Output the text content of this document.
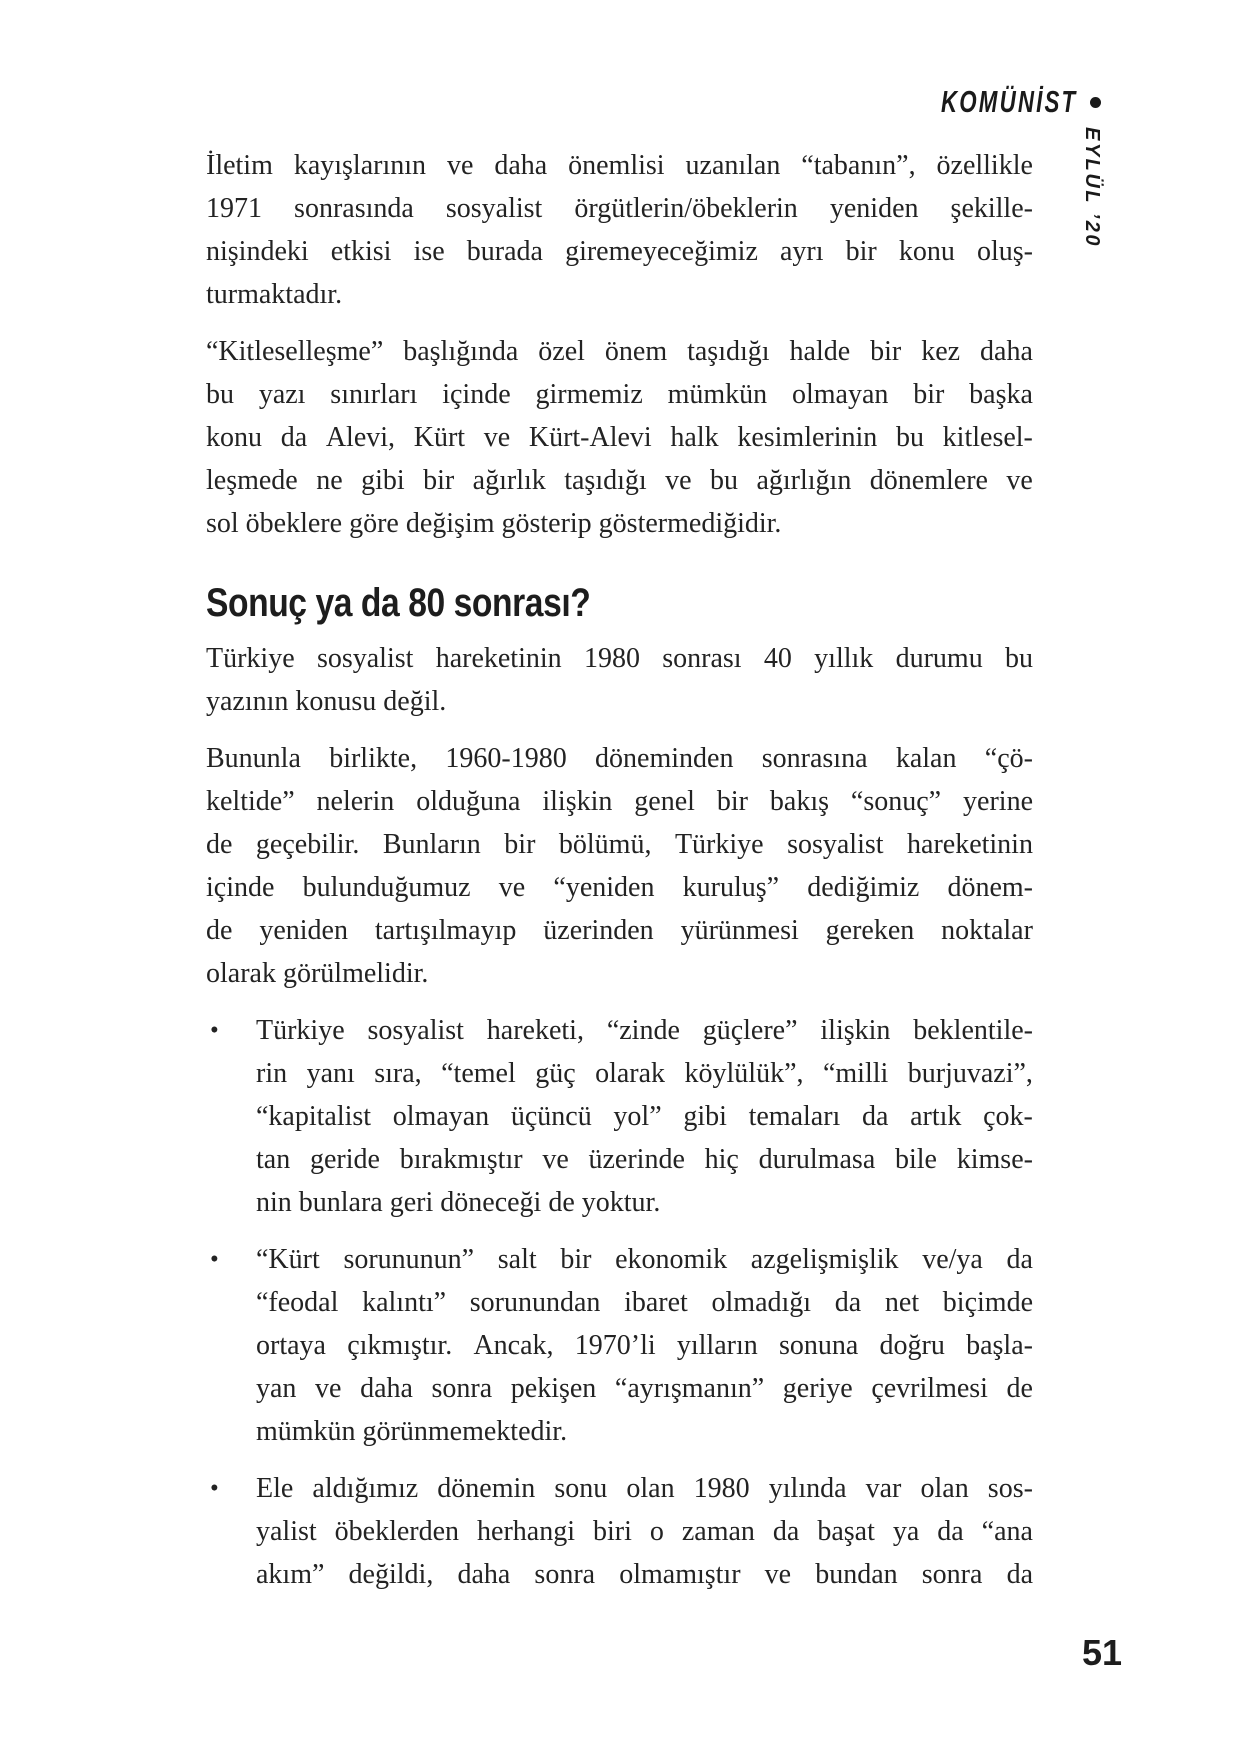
KOMÜNİST
EYLÜL ’20
İletim kayışlarının ve daha önemlisi uzanılan “tabanın”, özellikle
1971 sonrasında sosyalist örgütlerin/öbeklerin yeniden şekille-
nişindeki etkisi ise burada giremeyeceğimiz ayrı bir konu oluş-
turmaktadır.
“Kitleselleşme” başlığında özel önem taşıdığı halde bir kez daha
bu yazı sınırları içinde girmemiz mümkün olmayan bir başka
konu da Alevi, Kürt ve Kürt-Alevi halk kesimlerinin bu kitlesel-
leşmede ne gibi bir ağırlık taşıdığı ve bu ağırlığın dönemlere ve
sol öbeklere göre değişim gösterip göstermediğidir.
Sonuç ya da 80 sonrası?
Türkiye sosyalist hareketinin 1980 sonrası 40 yıllık durumu bu
yazının konusu değil.
Bununla birlikte, 1960-1980 döneminden sonrasına kalan “çö-
keltide” nelerin olduğuna ilişkin genel bir bakış “sonuç” yerine
de geçebilir. Bunların bir bölümü, Türkiye sosyalist hareketinin
içinde bulunduğumuz ve “yeniden kuruluş” dediğimiz dönem-
de yeniden tartışılmayıp üzerinden yürünmesi gereken noktalar
olarak görülmelidir.
• Türkiye sosyalist hareketi, “zinde güçlere” ilişkin beklentile-
rin yanı sıra, “temel güç olarak köylülük”, “milli burjuvazi”,
“kapitalist olmayan üçüncü yol” gibi temaları da artık çok-
tan geride bırakmıştır ve üzerinde hiç durulmasa bile kimse-
nin bunlara geri döneceği de yoktur.
• “Kürt sorununun” salt bir ekonomik azgelişmişlik ve/ya da
“feodal kalıntı” sorunundan ibaret olmadığı da net biçimde
ortaya çıkmıştır. Ancak, 1970’li yılların sonuna doğru başla-
yan ve daha sonra pekişen “ayrışmanın” geriye çevrilmesi de
mümkün görünmemektedir.
• Ele aldığımız dönemin sonu olan 1980 yılında var olan sos-
yalist öbeklerden herhangi biri o zaman da başat ya da “ana
akım” değildi, daha sonra olmamıştır ve bundan sonra da
51
